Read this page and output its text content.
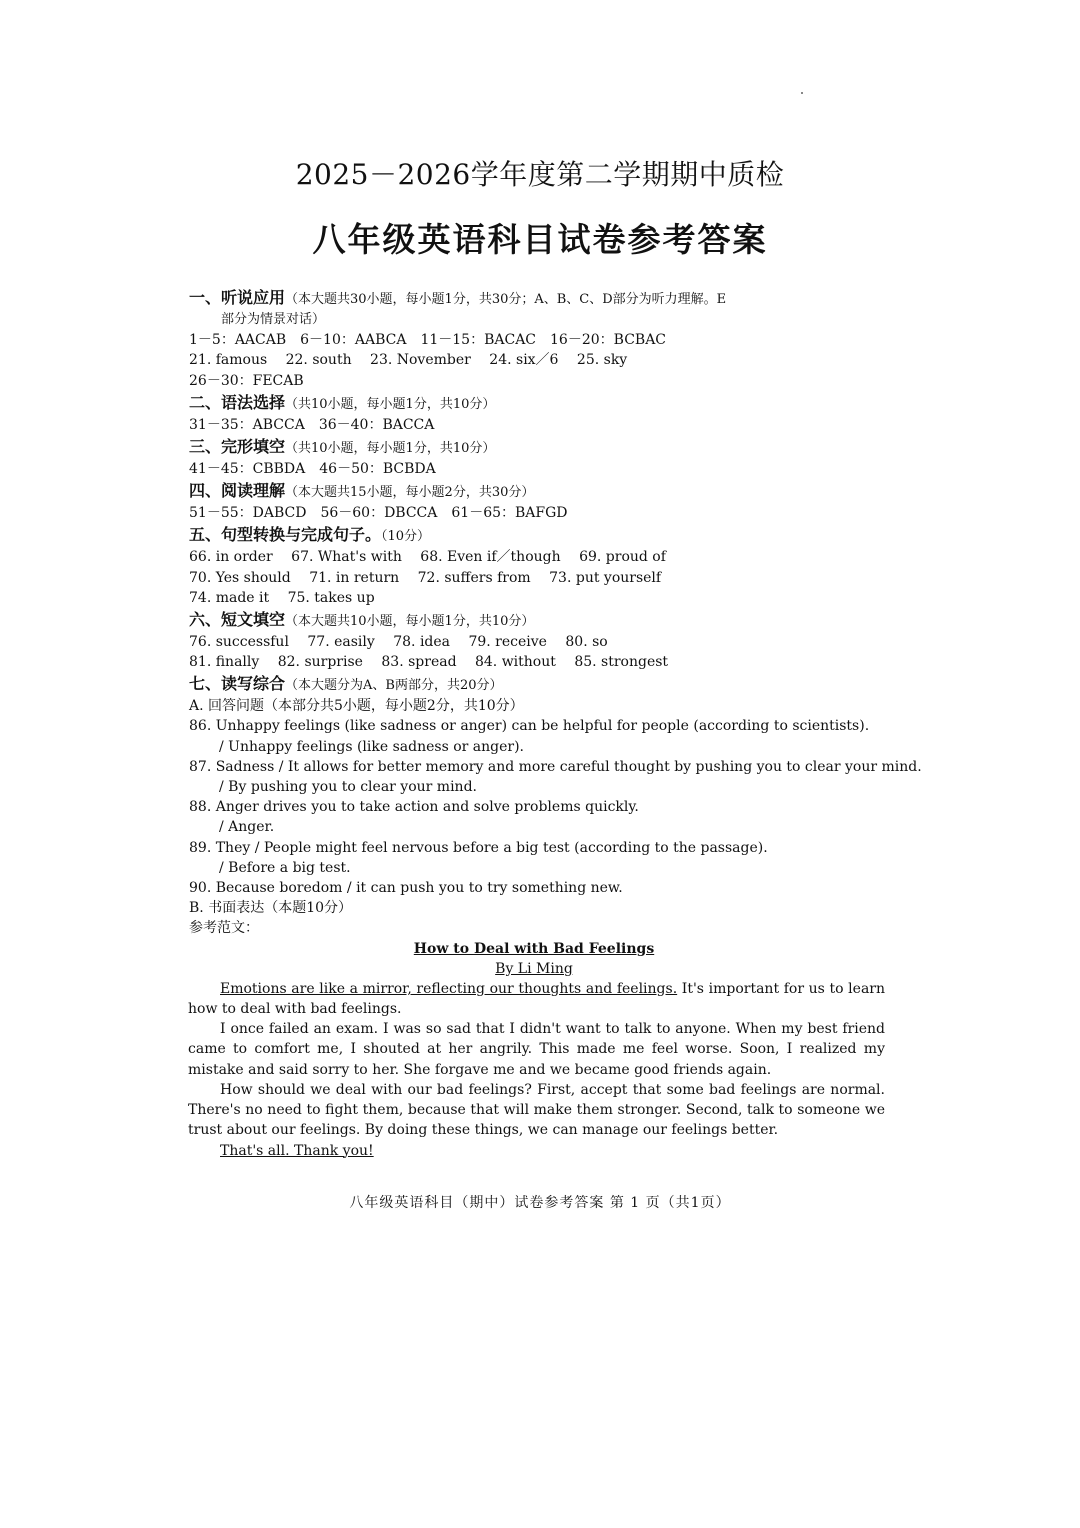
2025－2026学年度第二学期期中质检
八年级英语科目试卷参考答案
一、听说应用（本大题共30小题，每小题1分，共30分；A、B、C、D部分为听力理解。E
部分为情景对话）
1－5：AACAB　6－10：AABCA　11－15：BACAC　16－20：BCBAC
21. famous　 22. south　 23. November　 24. six／6　 25. sky
26－30：FECAB
二、语法选择（共10小题，每小题1分，共10分）
31－35：ABCCA　36－40：BACCA
三、完形填空（共10小题，每小题1分，共10分）
41－45：CBBDA　46－50：BCBDA
四、阅读理解（本大题共15小题，每小题2分，共30分）
51－55：DABCD　56－60：DBCCA　61－65：BAFGD
五、句型转换与完成句子。（10分）
66. in order　 67. What's with　 68. Even if／though　 69. proud of
70. Yes should　 71. in return　 72. suffers from　 73. put yourself
74. made it　 75. takes up
六、短文填空（本大题共10小题，每小题1分，共10分）
76. successful　 77. easily　 78. idea　 79. receive　 80. so
81. finally　 82. surprise　 83. spread　 84. without　 85. strongest
七、读写综合（本大题分为A、B两部分，共20分）
A. 回答问题（本部分共5小题，每小题2分，共10分）
86. Unhappy feelings (like sadness or anger) can be helpful for people (according to scientists).
/ Unhappy feelings (like sadness or anger).
87. Sadness / It allows for better memory and more careful thought by pushing you to clear your mind.
/ By pushing you to clear your mind.
88. Anger drives you to take action and solve problems quickly.
/ Anger.
89. They / People might feel nervous before a big test (according to the passage).
/ Before a big test.
90. Because boredom / it can push you to try something new.
B. 书面表达（本题10分）
参考范文：
How to Deal with Bad Feelings
By Li Ming
Emotions are like a mirror, reflecting our thoughts and feelings. It's important for us to learn how to deal with bad feelings.
I once failed an exam. I was so sad that I didn't want to talk to anyone. When my best friend came to comfort me, I shouted at her angrily. This made me feel worse. Soon, I realized my mistake and said sorry to her. She forgave me and we became good friends again.
How should we deal with our bad feelings? First, accept that some bad feelings are normal. There's no need to fight them, because that will make them stronger. Second, talk to someone we trust about our feelings. By doing these things, we can manage our feelings better.
That's all. Thank you!
八年级英语科目（期中）试卷参考答案 第 1 页（共1页）
